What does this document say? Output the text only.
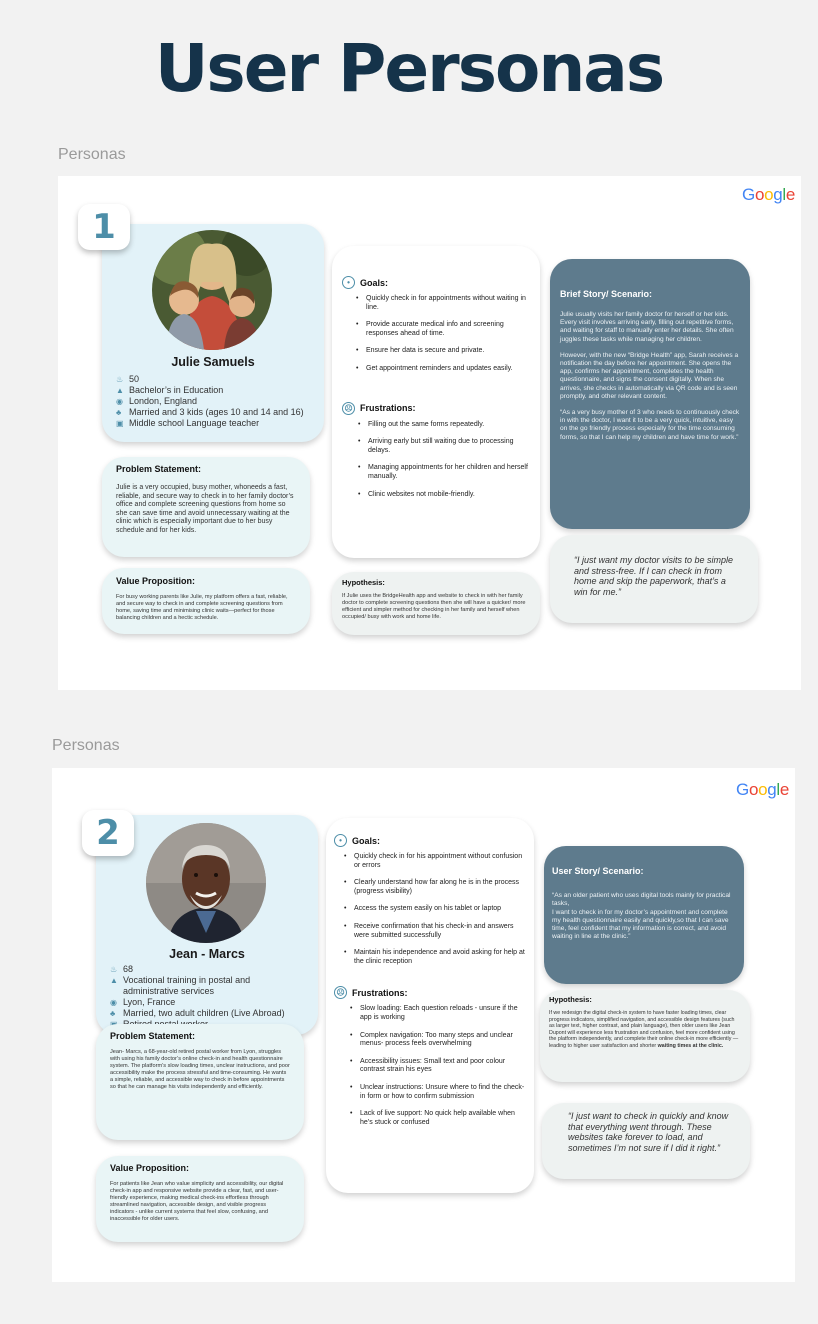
User Personas
Personas
Google
Julie Samuels
♨ 50
▲ Bachelor’s in Education
◉ London, England
♣ Married and 3 kids (ages 10 and 14 and 16)
▣ Middle school Language teacher
1
Problem Statement:
Julie is a very occupied, busy mother, whoneeds a fast, reliable, and secure way to check in to her family doctor’s office and complete screening questions from home so she can save time and avoid unnecessary waiting at the clinic which is especially important due to her busy schedule and for her kids.
Value Proposition:
For busy working parents like Julie, my platform offers a fast, reliable, and secure way to check in and complete screening questions from home, saving time and minimising clinic waits—perfect for those balancing children and a hectic schedule.
•	Goals:
• Quickly check in for appointments without waiting in line.
• Provide accurate medical info and screening responses ahead of time.
• Ensure her data is secure and private.
• Get appointment reminders and updates easily.
☹ Frustrations:
• Filling out the same forms repeatedly.
• Arriving early but still waiting due to processing delays.
• Managing appointments for her children and herself manually.
• Clinic websites not mobile-friendly.
Hypothesis:
If Julie uses the BridgeHealth app and website to check in with her family doctor to complete screening questions then she will have a quicker/ more efficient and simpler method for checking in her family and herself when occupied/ busy with work and home life.
Brief Story/ Scenario:

Julie usually visits her family doctor for herself or her kids. Every visit involves arriving early, filling out repetitive forms, and waiting for staff to manually enter her details. She often juggles these tasks while managing her children.

However, with the new “Bridge Health” app, Sarah receives a notification the day before her appointment. She opens the app, confirms her appointment, completes the health questionnaire, and signs the consent digitally. When she arrives, she checks in automatically via QR code and is seen promptly. and other relevant content.

“As a very busy mother of 3 who needs to continuously check in with the doctor, I want it to be a very quick, intuitive, easy on the go friendly process especially for the time consuming forms, so that I can help my children and have time for work.”

“I just want my doctor visits to be simple and stress-free. If I can check in from home and skip the paperwork, that’s a win for me.”
Personas
Google
Jean - Marcs
♨ 68
▲ Vocational training in postal and administrative services
◉ Lyon, France
♣ Married, two adult children (Live Abroad)
2
Problem Statement:
Jean- Marcs, a 68-year-old retired postal worker from Lyon, struggles with using his family doctor’s online check-in and health questionnaire system. The platform’s slow loading times, unclear instructions, and poor accessibility make the process stressful and time-consuming. He wants a simple, reliable, and accessible way to check in before appointments so that he can manage his visits independently and efficiently.
Value Proposition:
For patients like Jean who value simplicity and accessibility, our digital check-in app and responsive website provide a clear, fast, and user-friendly experience, making medical check-ins effortless through streamlined navigation, accessible design, and visible progress indicators - unlike current systems that feel slow, confusing, and inaccessible for older users.
•	Goals:
• Quickly check in for his appointment without confusion or errors
• Clearly understand how far along he is in the process (progress visibility)
• Access the system easily on his tablet or laptop
• Receive confirmation that his check-in and answers were submitted successfully
• Maintain his independence and avoid asking for help at the clinic reception
☹ Frustrations:
• Slow loading: Each question reloads - unsure if the app is working
• Complex navigation: Too many steps and unclear menus- process feels overwhelming
• Accessibility issues: Small text and poor colour contrast strain his eyes
• Unclear instructions: Unsure where to find the check-in form or how to confirm submission
• Lack of live support: No quick help available when he’s stuck or confused
User Story/ Scenario:

“As an older patient who uses digital tools mainly for practical tasks,
I want to check in for my doctor’s appointment and complete my health questionnaire easily and quickly,so that I can save time, feel confident that my information is correct, and avoid waiting in line at the clinic.”

Hypothesis:
If we redesign the digital check-in system to have faster loading times, clear progress indicators, simplified navigation, and accessible design features (such as larger text, higher contrast, and plain language), then older users like Jean Dupont will experience less frustration and confusion, feel more confident using the platform independently, and complete their online check-in more efficiently — leading to higher user satisfaction and shorter waiting times at the clinic.
“I just want to check in quickly and know that everything went through. These websites take forever to load, and sometimes I’m not sure if I did it right.”
